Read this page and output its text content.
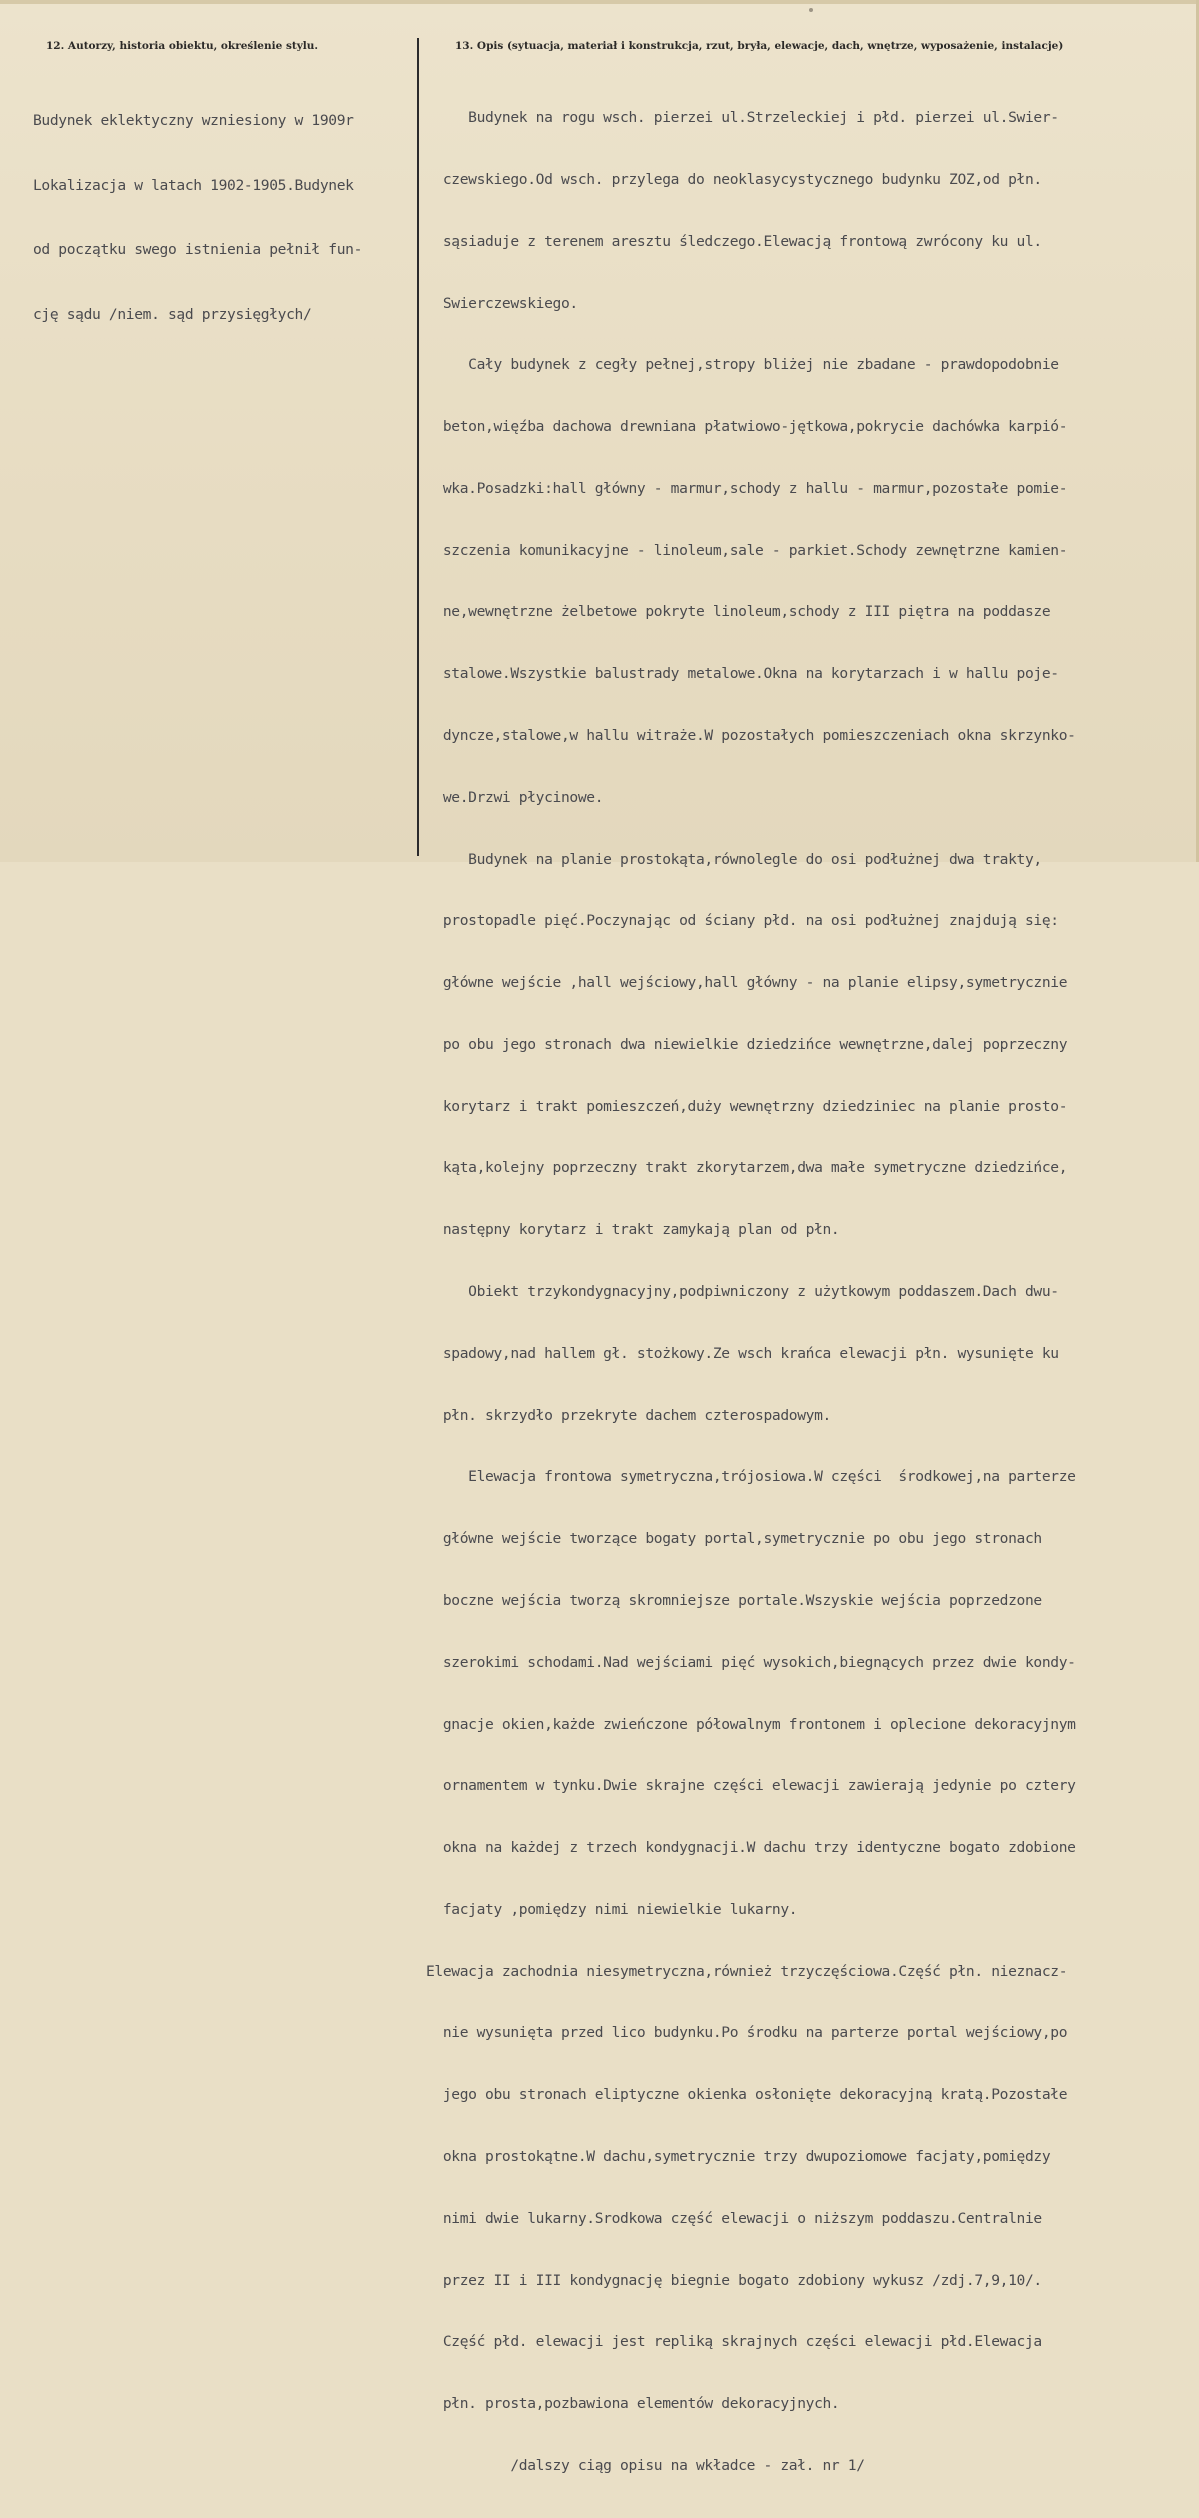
12. Autorzy, historia obiektu, określenie stylu.	13. Opis (sytuacja, materiał i konstrukcja, rzut, bryła, elewacje, dach, wnętrze, wyposażenie, instalacje)

Budynek eklektyczny wzniesiony w 1909r

Lokalizacja w latach 1902-1905.Budynek

od początku swego istnienia pełnił fun-

cję sądu /niem. sąd przysięgłych/

Budynek na rogu wsch. pierzei ul.Strzeleckiej i płd. pierzei ul.Swier-

czewskiego.Od wsch. przylega do neoklasycystycznego budynku ZOZ,od płn.

sąsiaduje z terenem aresztu śledczego.Elewacją frontową zwrócony ku ul.

Swierczewskiego.

Cały budynek z cegły pełnej,stropy bliżej nie zbadane - prawdopodobnie

beton,więźba dachowa drewniana płatwiowo-jętkowa,pokrycie dachówka karpió-

wka.Posadzki:hall główny - marmur,schody z hallu - marmur,pozostałe pomie-

szczenia komunikacyjne - linoleum,sale - parkiet.Schody zewnętrzne kamien-

ne,wewnętrzne żelbetowe pokryte linoleum,schody z III piętra na poddasze

stalowe.Wszystkie balustrady metalowe.Okna na korytarzach i w hallu poje-

dyncze,stalowe,w hallu witraże.W pozostałych pomieszczeniach okna skrzynko-

we.Drzwi płycinowe.

Budynek na planie prostokąta,równolegle do osi podłużnej dwa trakty,

prostopadle pięć.Poczynając od ściany płd. na osi podłużnej znajdują się:

główne wejście ,hall wejściowy,hall główny - na planie elipsy,symetrycznie

po obu jego stronach dwa niewielkie dziedzińce wewnętrzne,dalej poprzeczny

korytarz i trakt pomieszczeń,duży wewnętrzny dziedziniec na planie prosto-

kąta,kolejny poprzeczny trakt zkorytarzem,dwa małe symetryczne dziedzińce,

następny korytarz i trakt zamykają plan od płn.

Obiekt trzykondygnacyjny,podpiwniczony z użytkowym poddaszem.Dach dwu-

spadowy,nad hallem gł. stożkowy.Ze wsch krańca elewacji płn. wysunięte ku

płn. skrzydło przekryte dachem czterospadowym.

Elewacja frontowa symetryczna,trójosiowa.W części  środkowej,na parterze

główne wejście tworzące bogaty portal,symetrycznie po obu jego stronach

boczne wejścia tworzą skromniejsze portale.Wszyskie wejścia poprzedzone

szerokimi schodami.Nad wejściami pięć wysokich,biegnących przez dwie kondy-

gnacje okien,każde zwieńczone półowalnym frontonem i oplecione dekoracyjnym

ornamentem w tynku.Dwie skrajne części elewacji zawierają jedynie po cztery

okna na każdej z trzech kondygnacji.W dachu trzy identyczne bogato zdobione

facjaty ,pomiędzy nimi niewielkie lukarny.

Elewacja zachodnia niesymetryczna,również trzyczęściowa.Część płn. nieznacz-

nie wysunięta przed lico budynku.Po środku na parterze portal wejściowy,po

jego obu stronach eliptyczne okienka osłonięte dekoracyjną kratą.Pozostałe

okna prostokątne.W dachu,symetrycznie trzy dwupoziomowe facjaty,pomiędzy

nimi dwie lukarny.Srodkowa część elewacji o niższym poddaszu.Centralnie

przez II i III kondygnację biegnie bogato zdobiony wykusz /zdj.7,9,10/.

Część płd. elewacji jest repliką skrajnych części elewacji płd.Elewacja

płn. prosta,pozbawiona elementów dekoracyjnych.

/dalszy ciąg opisu na wkładce - zał. nr 1/
